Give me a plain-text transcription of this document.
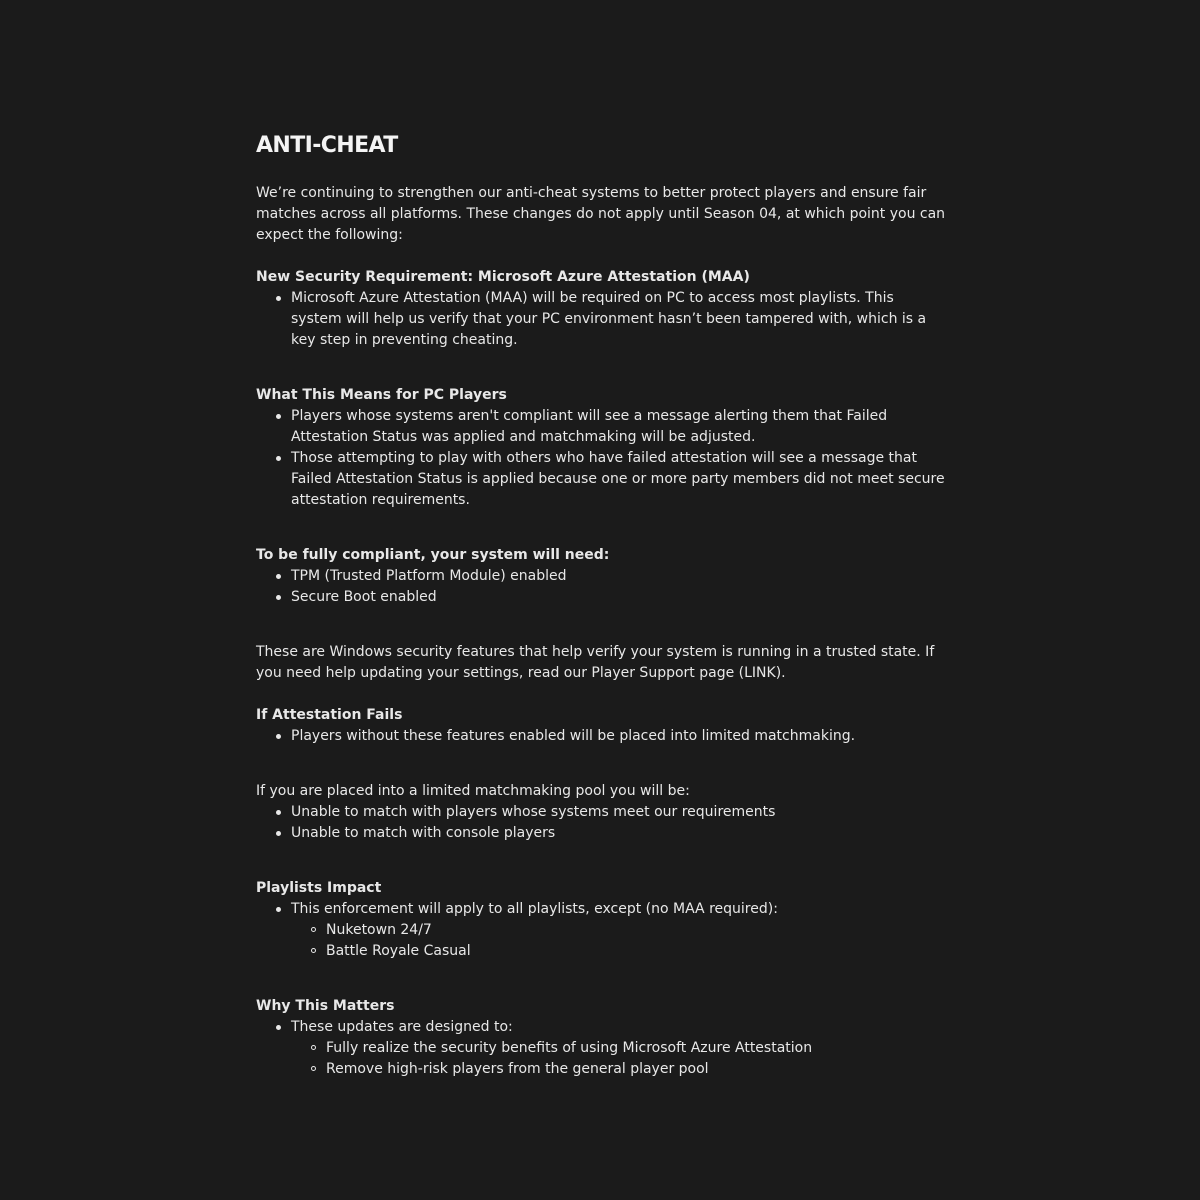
ANTI-CHEAT

We’re continuing to strengthen our anti-cheat systems to better protect players and ensure fair matches across all platforms. These changes do not apply until Season 04, at which point you can expect the following:

New Security Requirement: Microsoft Azure Attestation (MAA)

Microsoft Azure Attestation (MAA) will be required on PC to access most playlists. This system will help us verify that your PC environment hasn’t been tampered with, which is a key step in preventing cheating.

What This Means for PC Players

Players whose systems aren't compliant will see a message alerting them that Failed Attestation Status was applied and matchmaking will be adjusted.
Those attempting to play with others who have failed attestation will see a message that Failed Attestation Status is applied because one or more party members did not meet secure attestation requirements.

To be fully compliant, your system will need:

TPM (Trusted Platform Module) enabled
Secure Boot enabled

These are Windows security features that help verify your system is running in a trusted state. If you need help updating your settings, read our Player Support page (LINK).

If Attestation Fails

Players without these features enabled will be placed into limited matchmaking.

If you are placed into a limited matchmaking pool you will be:

Unable to match with players whose systems meet our requirements
Unable to match with console players

Playlists Impact

This enforcement will apply to all playlists, except (no MAA required):
Nuketown 24/7
Battle Royale Casual

Why This Matters

These updates are designed to:
Fully realize the security benefits of using Microsoft Azure Attestation
Remove high-risk players from the general player pool
